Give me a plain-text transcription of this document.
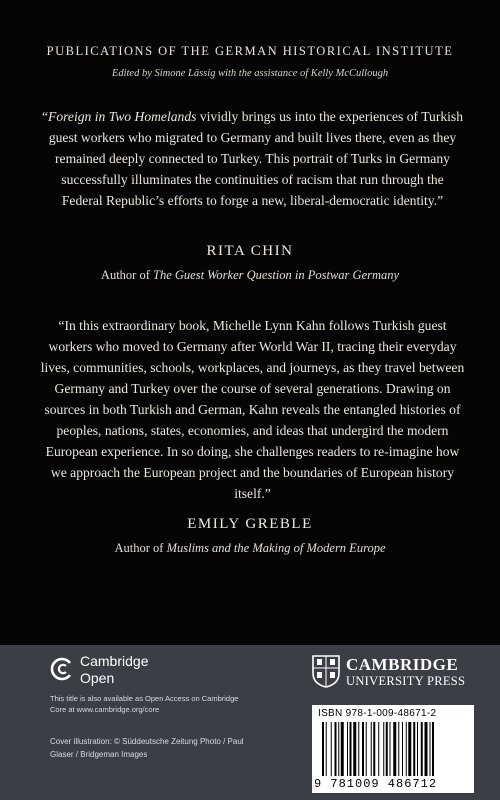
PUBLICATIONS OF THE GERMAN HISTORICAL INSTITUTE
Edited by Simone Lässig with the assistance of Kelly McCullough
“Foreign in Two Homelands vividly brings us into the experiences of Turkish guest workers who migrated to Germany and built lives there, even as they remained deeply connected to Turkey. This portrait of Turks in Germany successfully illuminates the continuities of racism that run through the Federal Republic’s efforts to forge a new, liberal-democratic identity.”
RITA CHIN
Author of The Guest Worker Question in Postwar Germany
“In this extraordinary book, Michelle Lynn Kahn follows Turkish guest workers who moved to Germany after World War II, tracing their everyday lives, communities, schools, workplaces, and journeys, as they travel between Germany and Turkey over the course of several generations. Drawing on sources in both Turkish and German, Kahn reveals the entangled histories of peoples, nations, states, economies, and ideas that undergird the modern European experience. In so doing, she challenges readers to re-imagine how we approach the European project and the boundaries of European history itself.”
EMILY GREBLE
Author of Muslims and the Making of Modern Europe
Cambridge
Open
This title is also available as Open Access on Cambridge Core at www.cambridge.org/core
Cover illustration: © Süddeutsche Zeitung Photo / Paul Glaser / Bridgeman Images
CAMBRIDGE
UNIVERSITY PRESS
ISBN 978-1-009-48671-2
9 781009 486712
